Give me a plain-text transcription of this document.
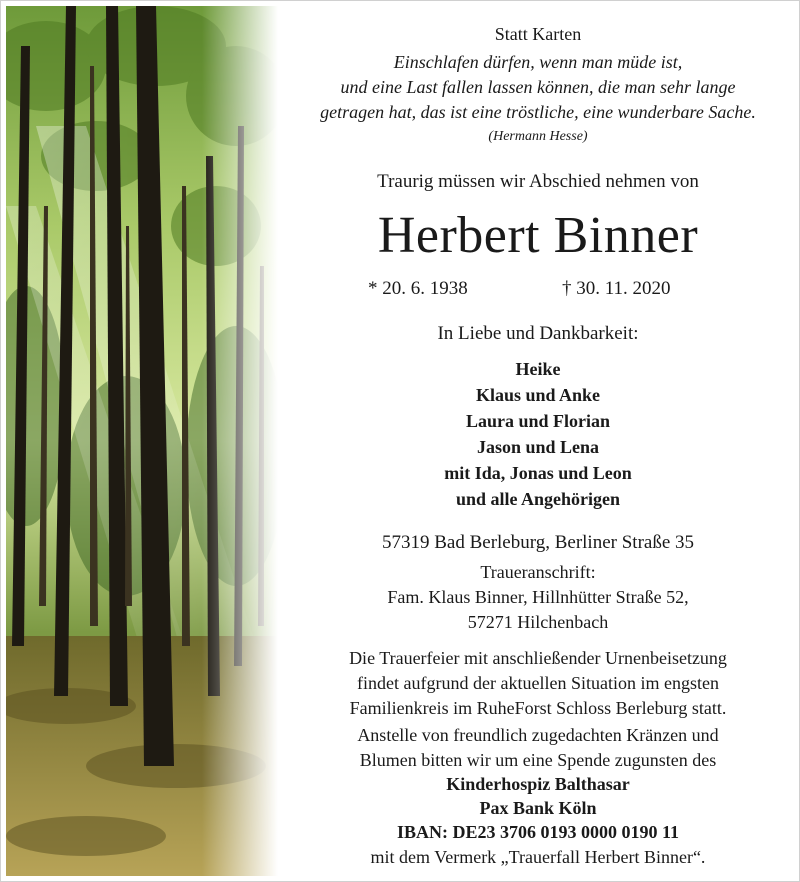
Statt Karten
Einschlafen dürfen, wenn man müde ist,
und eine Last fallen lassen können, die man sehr lange
getragen hat, das ist eine tröstliche, eine wunderbare Sache.
(Hermann Hesse)
Traurig müssen wir Abschied nehmen von
Herbert Binner
* 20. 6. 1938	† 30. 11. 2020
In Liebe und Dankbarkeit:
Heike
Klaus und Anke
Laura und Florian
Jason und Lena
mit Ida, Jonas und Leon
und alle Angehörigen
57319 Bad Berleburg, Berliner Straße 35
Traueranschrift:
Fam. Klaus Binner, Hillnhütter Straße 52,
57271 Hilchenbach
Die Trauerfeier mit anschließender Urnenbeisetzung
findet aufgrund der aktuellen Situation im engsten
Familienkreis im RuheForst Schloss Berleburg statt.
Anstelle von freundlich zugedachten Kränzen und
Blumen bitten wir um eine Spende zugunsten des
Kinderhospiz Balthasar
Pax Bank Köln
IBAN: DE23 3706 0193 0000 0190 11
mit dem Vermerk „Trauerfall Herbert Binner“.
